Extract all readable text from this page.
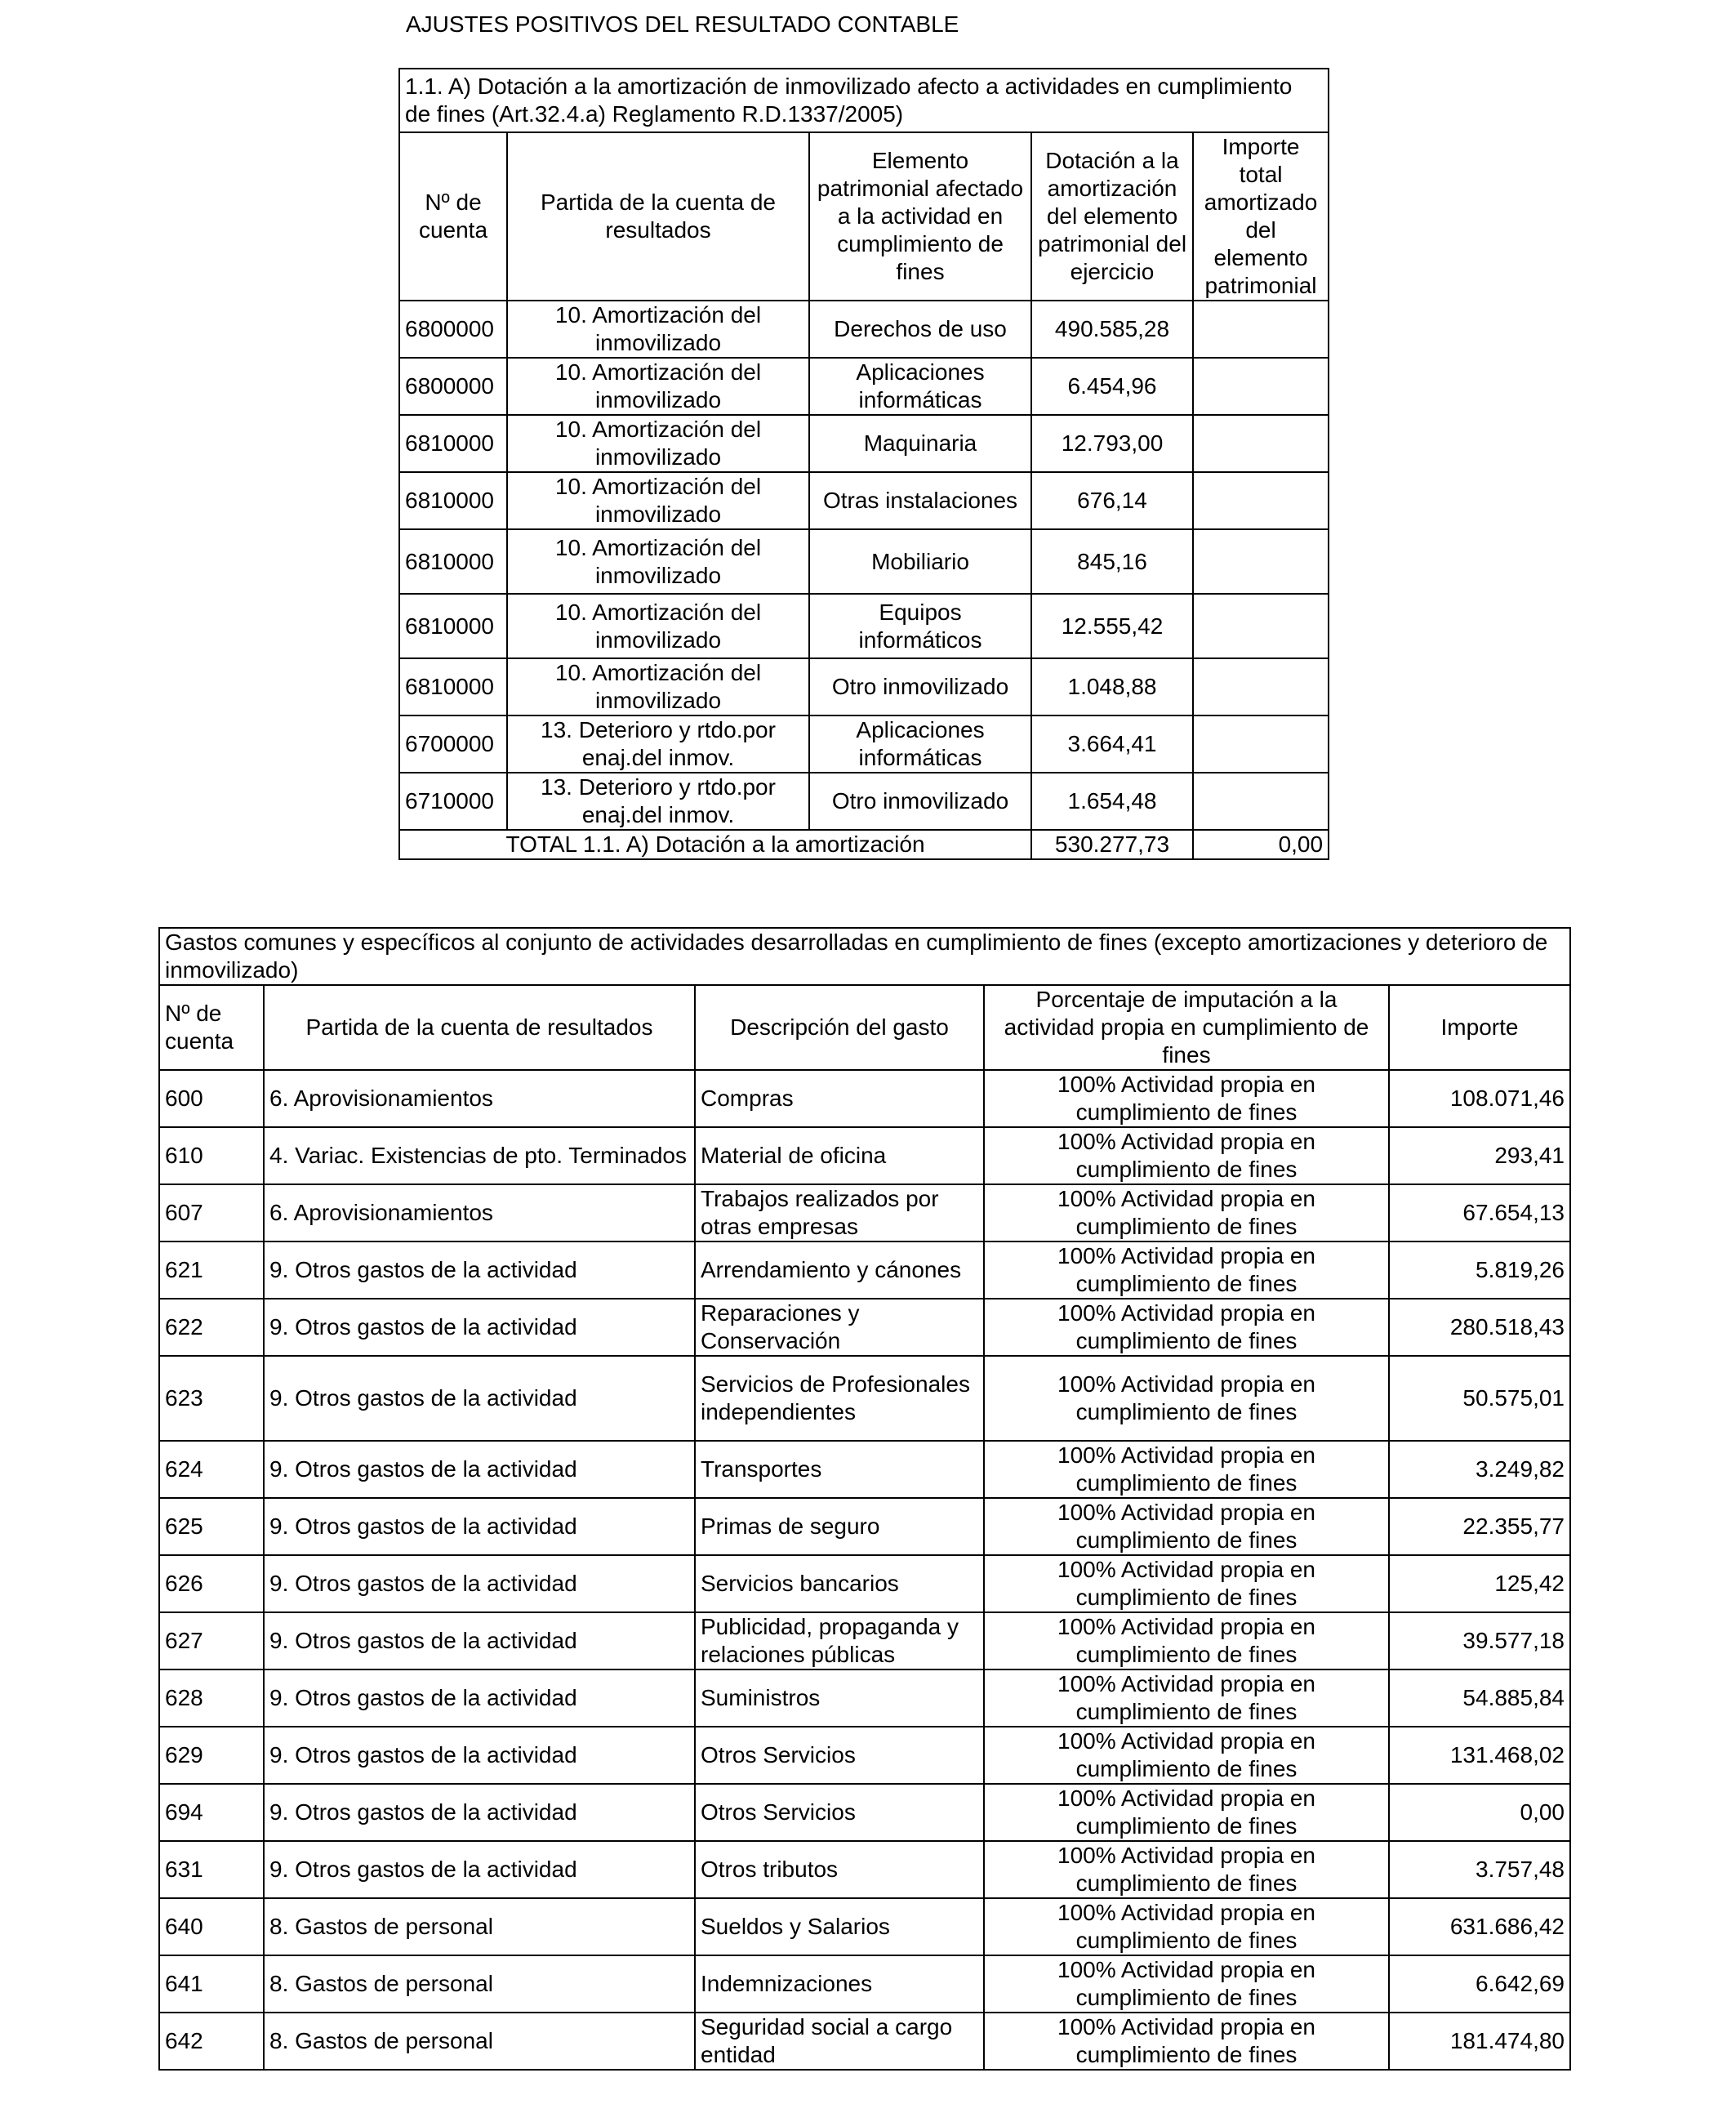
AJUSTES POSITIVOS DEL RESULTADO CONTABLE
1.1. A) Dotación a la amortización de inmovilizado afecto a actividades en cumplimiento de fines (Art.32.4.a) Reglamento R.D.1337/2005)				
Nº de cuenta	Partida de la cuenta de resultados	Elemento patrimonial afectado a la actividad en cumplimiento de fines	Dotación a la amortización del elemento patrimonial del ejercicio	Importe total amortizado del elemento patrimonial
6800000	10. Amortización del inmovilizado	Derechos de uso	490.585,28	
6800000	10. Amortización del inmovilizado	Aplicaciones informáticas	6.454,96	
6810000	10. Amortización del inmovilizado	Maquinaria	12.793,00	
6810000	10. Amortización del inmovilizado	Otras instalaciones	676,14	
6810000	10. Amortización del inmovilizado	Mobiliario	845,16	
6810000	10. Amortización del inmovilizado	Equipos informáticos	12.555,42	
6810000	10. Amortización del inmovilizado	Otro inmovilizado	1.048,88	
6700000	13. Deterioro y rtdo.por enaj.del inmov.	Aplicaciones informáticas	3.664,41	
6710000	13. Deterioro y rtdo.por enaj.del inmov.	Otro inmovilizado	1.654,48	
TOTAL 1.1. A) Dotación a la amortización			530.277,73	0,00
Gastos comunes y específicos al conjunto de actividades desarrolladas en cumplimiento de fines (excepto amortizaciones y deterioro de inmovilizado)				
Nº de cuenta	Partida de la cuenta de resultados	Descripción del gasto	Porcentaje de imputación a la actividad propia en cumplimiento de fines	Importe
600	6. Aprovisionamientos	Compras	100% Actividad propia en cumplimiento de fines	108.071,46
610	4. Variac. Existencias de pto. Terminados	Material de oficina	100% Actividad propia en cumplimiento de fines	293,41
607	6. Aprovisionamientos	Trabajos realizados por otras empresas	100% Actividad propia en cumplimiento de fines	67.654,13
621	9. Otros gastos de la actividad	Arrendamiento y cánones	100% Actividad propia en cumplimiento de fines	5.819,26
622	9. Otros gastos de la actividad	Reparaciones y Conservación	100% Actividad propia en cumplimiento de fines	280.518,43
623	9. Otros gastos de la actividad	Servicios de Profesionales independientes	100% Actividad propia en cumplimiento de fines	50.575,01
624	9. Otros gastos de la actividad	Transportes	100% Actividad propia en cumplimiento de fines	3.249,82
625	9. Otros gastos de la actividad	Primas de seguro	100% Actividad propia en cumplimiento de fines	22.355,77
626	9. Otros gastos de la actividad	Servicios bancarios	100% Actividad propia en cumplimiento de fines	125,42
627	9. Otros gastos de la actividad	Publicidad, propaganda y relaciones públicas	100% Actividad propia en cumplimiento de fines	39.577,18
628	9. Otros gastos de la actividad	Suministros	100% Actividad propia en cumplimiento de fines	54.885,84
629	9. Otros gastos de la actividad	Otros Servicios	100% Actividad propia en cumplimiento de fines	131.468,02
694	9. Otros gastos de la actividad	Otros Servicios	100% Actividad propia en cumplimiento de fines	0,00
631	9. Otros gastos de la actividad	Otros tributos	100% Actividad propia en cumplimiento de fines	3.757,48
640	8. Gastos de personal	Sueldos y Salarios	100% Actividad propia en cumplimiento de fines	631.686,42
641	8. Gastos de personal	Indemnizaciones	100% Actividad propia en cumplimiento de fines	6.642,69
642	8. Gastos de personal	Seguridad social a cargo entidad	100% Actividad propia en cumplimiento de fines	181.474,80
